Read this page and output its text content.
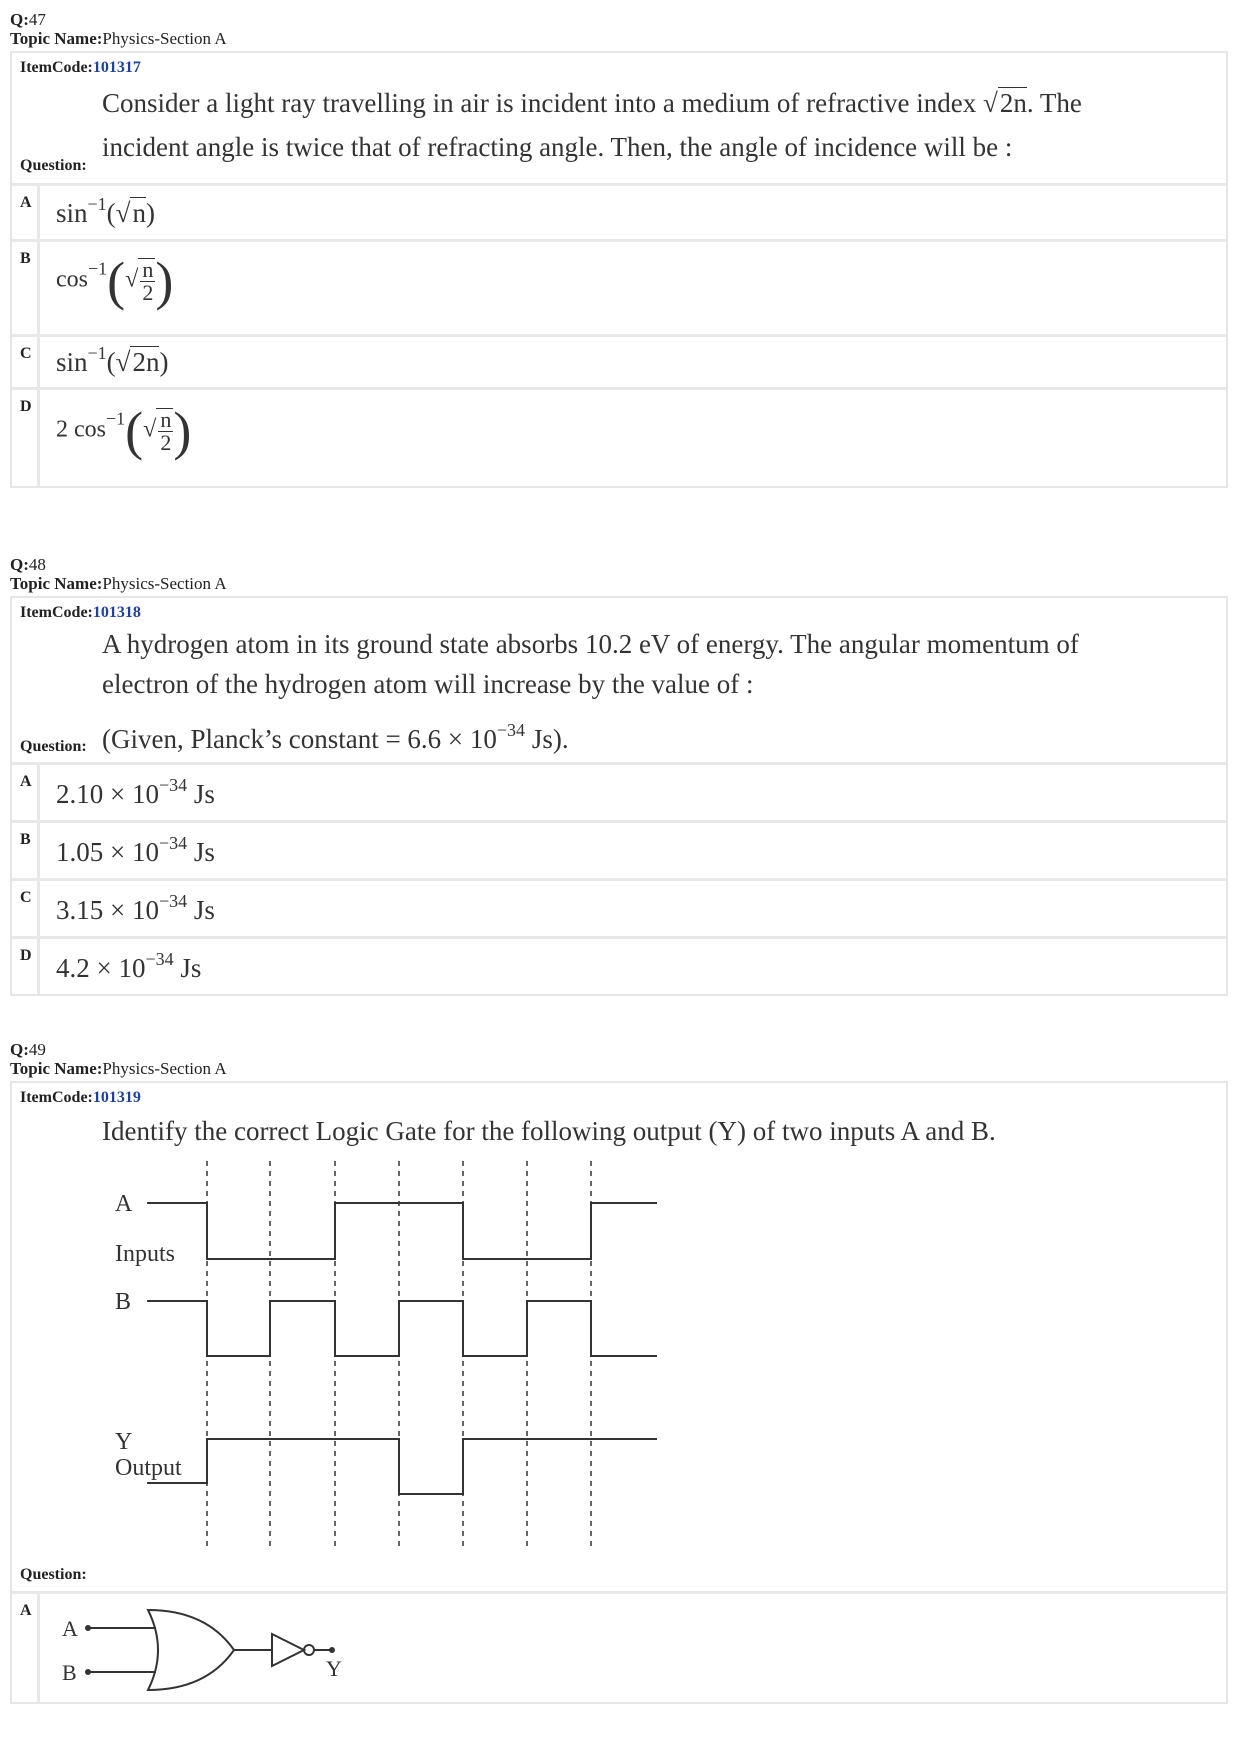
Q:47
Topic Name:Physics-Section A
ItemCode:101317
Consider a light ray travelling in air is incident into a medium of refractive index √2n. The
incident angle is twice that of refracting angle. Then, the angle of incidence will be :
Question:
A $\sin^{-1}(√n)$
B
$\cos^{-1}(√ \frac{n}{2}$ )
C $\sin^{-1}(√2n)$
D
2 $\cos^{-1}(√ \frac{n}{2}$ )
Q:48
Topic Name:Physics-Section A
ItemCode:101318
A hydrogen atom in its ground state absorbs 10.2 eV of energy. The angular momentum of
electron of the hydrogen atom will increase by the value of :
(Given, Planck’s constant = $6.6 \times 10^{-34}$ Js).
Question:
A $2.10 \times 10^{-34}$ Js
B $1.05 \times 10^{-34}$ Js
C $3.15 \times 10^{-34}$ Js
D $4.2 \times 10^{-34}$ Js
Q:49
Topic Name:Physics-Section A
ItemCode:101319
Identify the correct Logic Gate for the following output (Y) of two inputs A and B.
A
Inputs
B
Y
Output
Question:
A
A
B	Y
